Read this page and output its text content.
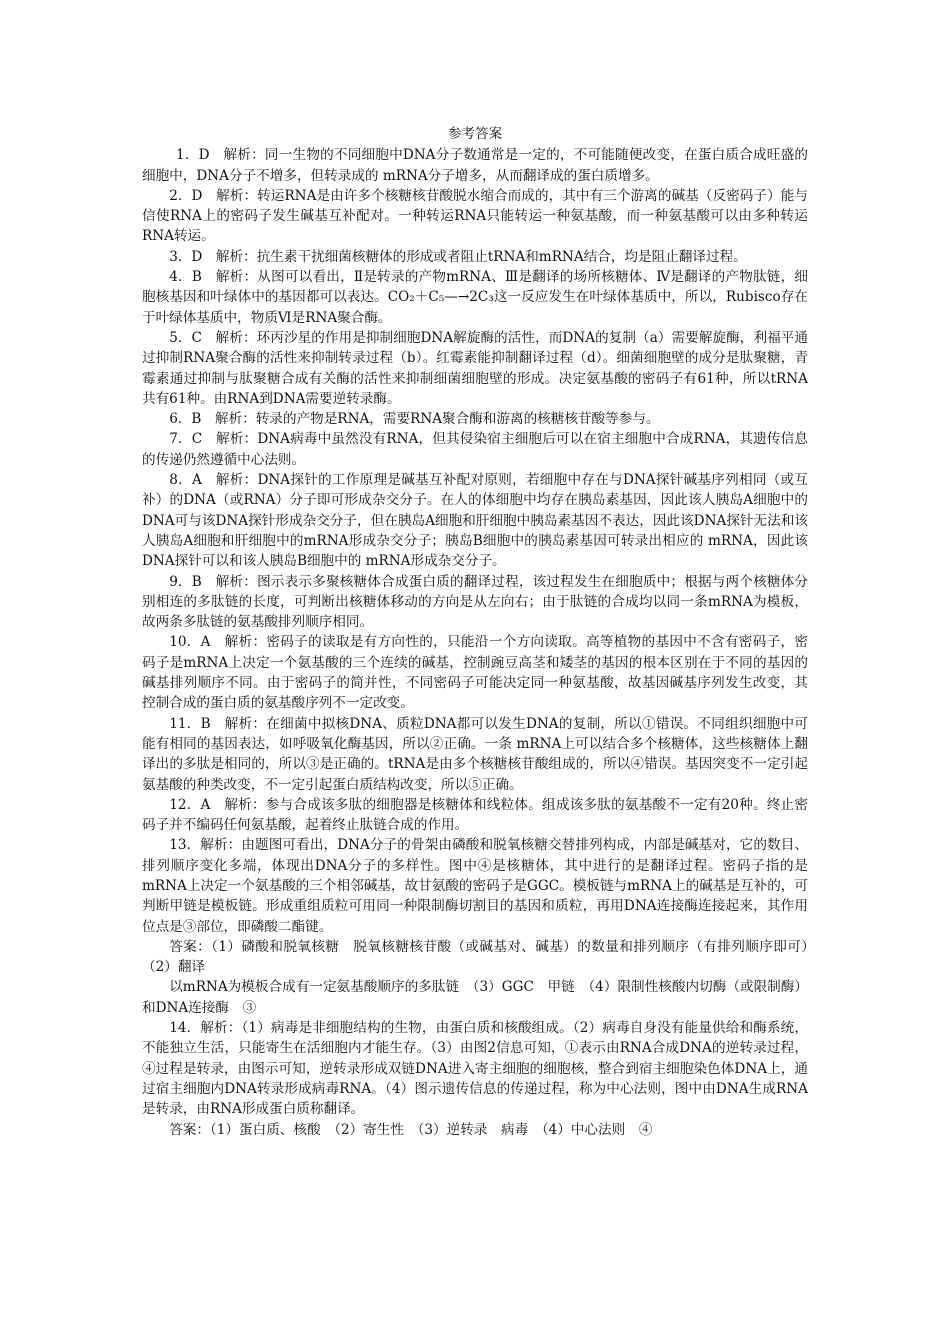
参考答案

1．D　解析：同一生物的不同细胞中DNA分子数通常是一定的，不可能随便改变，在蛋白质合成旺盛的细胞中，DNA分子不增多，但转录成的 mRNA分子增多，从而翻译成的蛋白质增多。

2．D　解析：转运RNA是由许多个核糖核苷酸脱水缩合而成的，其中有三个游离的碱基（反密码子）能与信使RNA上的密码子发生碱基互补配对。一种转运RNA只能转运一种氨基酸，而一种氨基酸可以由多种转运RNA转运。

3．D　解析：抗生素干扰细菌核糖体的形成或者阻止tRNA和mRNA结合，均是阻止翻译过程。

4．B　解析：从图可以看出，Ⅱ是转录的产物mRNA、Ⅲ是翻译的场所核糖体、Ⅳ是翻译的产物肽链，细胞核基因和叶绿体中的基因都可以表达。CO₂＋C₅—→2C₃这一反应发生在叶绿体基质中，所以，Rubisco存在于叶绿体基质中，物质Ⅵ是RNA聚合酶。

5．C　解析：环丙沙星的作用是抑制细胞DNA解旋酶的活性，而DNA的复制（a）需要解旋酶，利福平通过抑制RNA聚合酶的活性来抑制转录过程（b）。红霉素能抑制翻译过程（d）。细菌细胞壁的成分是肽聚糖，青霉素通过抑制与肽聚糖合成有关酶的活性来抑制细菌细胞壁的形成。决定氨基酸的密码子有61种，所以tRNA共有61种。由RNA到DNA需要逆转录酶。

6．B　解析：转录的产物是RNA，需要RNA聚合酶和游离的核糖核苷酸等参与。

7．C　解析：DNA病毒中虽然没有RNA，但其侵染宿主细胞后可以在宿主细胞中合成RNA，其遗传信息的传递仍然遵循中心法则。

8．A　解析：DNA探针的工作原理是碱基互补配对原则，若细胞中存在与DNA探针碱基序列相同（或互补）的DNA（或RNA）分子即可形成杂交分子。在人的体细胞中均存在胰岛素基因，因此该人胰岛A细胞中的DNA可与该DNA探针形成杂交分子，但在胰岛A细胞和肝细胞中胰岛素基因不表达，因此该DNA探针无法和该人胰岛A细胞和肝细胞中的mRNA形成杂交分子；胰岛B细胞中的胰岛素基因可转录出相应的 mRNA，因此该DNA探针可以和该人胰岛B细胞中的 mRNA形成杂交分子。

9．B　解析：图示表示多聚核糖体合成蛋白质的翻译过程，该过程发生在细胞质中；根据与两个核糖体分别相连的多肽链的长度，可判断出核糖体移动的方向是从左向右；由于肽链的合成均以同一条mRNA为模板，故两条多肽链的氨基酸排列顺序相同。

10．A　解析：密码子的读取是有方向性的，只能沿一个方向读取。高等植物的基因中不含有密码子，密码子是mRNA上决定一个氨基酸的三个连续的碱基，控制豌豆高茎和矮茎的基因的根本区别在于不同的基因的碱基排列顺序不同。由于密码子的简并性，不同密码子可能决定同一种氨基酸，故基因碱基序列发生改变，其控制合成的蛋白质的氨基酸序列不一定改变。

11．B　解析：在细菌中拟核DNA、质粒DNA都可以发生DNA的复制，所以①错误。不同组织细胞中可能有相同的基因表达，如呼吸氧化酶基因，所以②正确。一条 mRNA上可以结合多个核糖体，这些核糖体上翻译出的多肽是相同的，所以③是正确的。tRNA是由多个核糖核苷酸组成的，所以④错误。基因突变不一定引起氨基酸的种类改变，不一定引起蛋白质结构改变，所以⑤正确。

12．A　解析：参与合成该多肽的细胞器是核糖体和线粒体。组成该多肽的氨基酸不一定有20种。终止密码子并不编码任何氨基酸，起着终止肽链合成的作用。

13．解析：由题图可看出，DNA分子的骨架由磷酸和脱氧核糖交替排列构成，内部是碱基对，它的数目、排列顺序变化多端，体现出DNA分子的多样性。图中④是核糖体，其中进行的是翻译过程。密码子指的是mRNA上决定一个氨基酸的三个相邻碱基，故甘氨酸的密码子是GGC。模板链与mRNA上的碱基是互补的，可判断甲链是模板链。形成重组质粒可用同一种限制酶切割目的基因和质粒，再用DNA连接酶连接起来，其作用位点是③部位，即磷酸二酯键。

答案：（1）磷酸和脱氧核糖　脱氧核糖核苷酸（或碱基对、碱基）的数量和排列顺序（有排列顺序即可）　（2）翻译

以mRNA为模板合成有一定氨基酸顺序的多肽链　（3）GGC　甲链　（4）限制性核酸内切酶（或限制酶）和DNA连接酶　③

14．解析：（1）病毒是非细胞结构的生物，由蛋白质和核酸组成。（2）病毒自身没有能量供给和酶系统，不能独立生活，只能寄生在活细胞内才能生存。（3）由图2信息可知，①表示由RNA合成DNA的逆转录过程，④过程是转录，由图示可知，逆转录形成双链DNA进入寄主细胞的细胞核，整合到宿主细胞染色体DNA上，通过宿主细胞内DNA转录形成病毒RNA。（4）图示遗传信息的传递过程，称为中心法则，图中由DNA生成RNA是转录，由RNA形成蛋白质称翻译。

答案：（1）蛋白质、核酸　（2）寄生性　（3）逆转录　病毒　（4）中心法则　④
